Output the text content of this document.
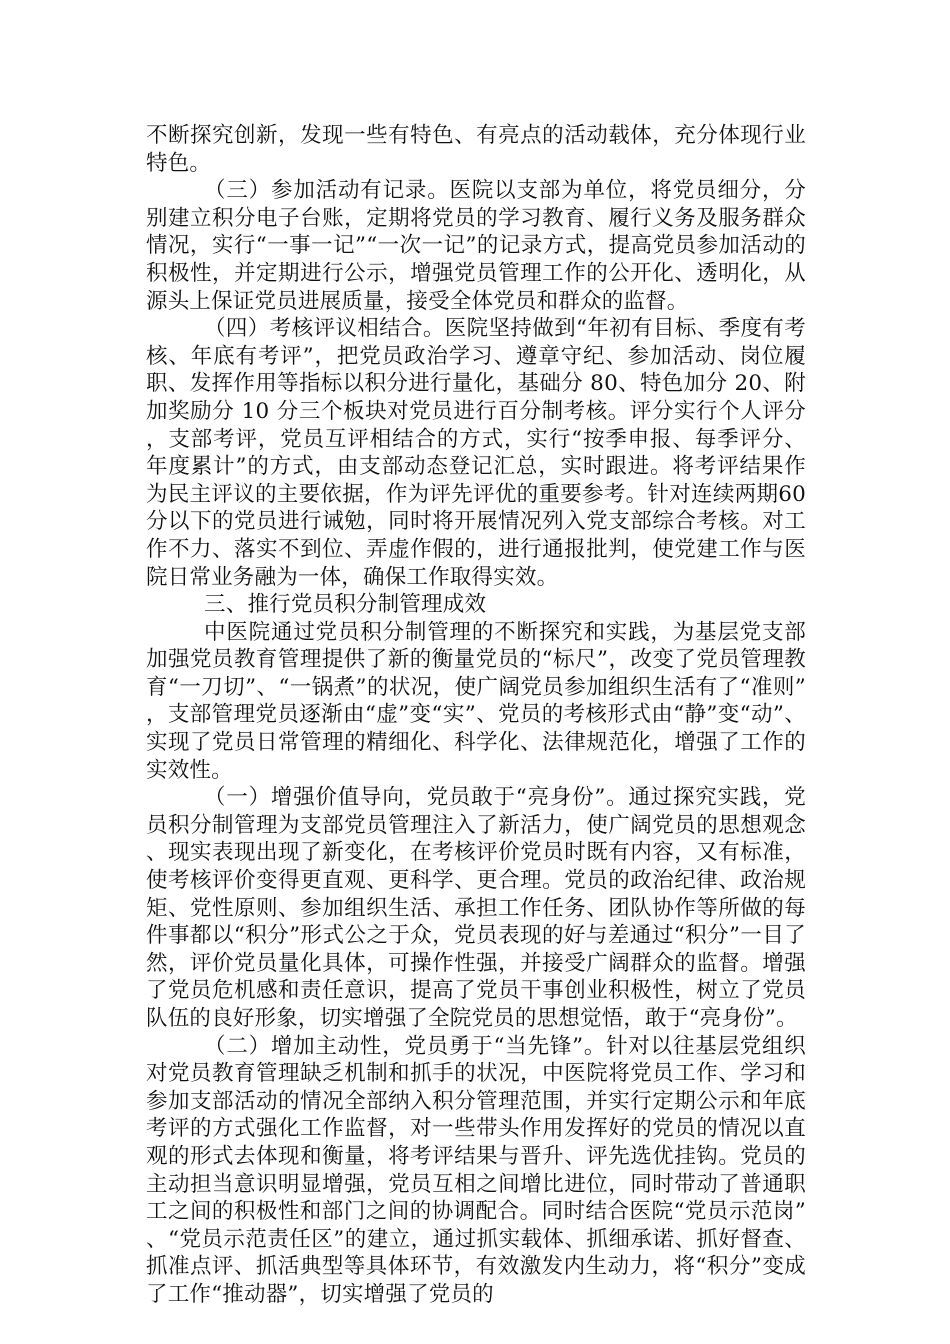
不断探究创新，发现一些有特色、有亮点的活动载体，充分体现行业特色。

（三）参加活动有记录。医院以支部为单位，将党员细分，分别建立积分电子台账，定期将党员的学习教育、履行义务及服务群众情况，实行“一事一记”“一次一记”的记录方式，提高党员参加活动的积极性，并定期进行公示，增强党员管理工作的公开化、透明化，从源头上保证党员进展质量，接受全体党员和群众的监督。

（四）考核评议相结合。医院坚持做到“年初有目标、季度有考核、年底有考评”，把党员政治学习、遵章守纪、参加活动、岗位履职、发挥作用等指标以积分进行量化，基础分 80、特色加分 20、附加奖励分 10 分三个板块对党员进行百分制考核。评分实行个人评分，支部考评，党员互评相结合的方式，实行“按季申报、每季评分、年度累计”的方式，由支部动态登记汇总，实时跟进。将考评结果作为民主评议的主要依据，作为评先评优的重要参考。针对连续两期60分以下的党员进行诫勉，同时将开展情况列入党支部综合考核。对工作不力、落实不到位、弄虚作假的，进行通报批判，使党建工作与医院日常业务融为一体，确保工作取得实效。

三、推行党员积分制管理成效

中医院通过党员积分制管理的不断探究和实践，为基层党支部加强党员教育管理提供了新的衡量党员的“标尺”，改变了党员管理教育“一刀切”、“一锅煮”的状况，使广阔党员参加组织生活有了“准则”，支部管理党员逐渐由“虚”变“实”、党员的考核形式由“静”变“动”、实现了党员日常管理的精细化、科学化、法律规范化，增强了工作的实效性。

（一）增强价值导向，党员敢于“亮身份”。通过探究实践，党员积分制管理为支部党员管理注入了新活力，使广阔党员的思想观念、现实表现出现了新变化，在考核评价党员时既有内容，又有标准，使考核评价变得更直观、更科学、更合理。党员的政治纪律、政治规矩、党性原则、参加组织生活、承担工作任务、团队协作等所做的每件事都以“积分”形式公之于众，党员表现的好与差通过“积分”一目了然，评价党员量化具体，可操作性强，并接受广阔群众的监督。增强了党员危机感和责任意识，提高了党员干事创业积极性，树立了党员队伍的良好形象，切实增强了全院党员的思想觉悟，敢于“亮身份”。

（二）增加主动性，党员勇于“当先锋”。针对以往基层党组织对党员教育管理缺乏机制和抓手的状况，中医院将党员工作、学习和参加支部活动的情况全部纳入积分管理范围，并实行定期公示和年底考评的方式强化工作监督，对一些带头作用发挥好的党员的情况以直观的形式去体现和衡量，将考评结果与晋升、评先选优挂钩。党员的主动担当意识明显增强，党员互相之间增比进位，同时带动了普通职工之间的积极性和部门之间的协调配合。同时结合医院“党员示范岗”、“党员示范责任区”的建立，通过抓实载体、抓细承诺、抓好督查、抓准点评、抓活典型等具体环节，有效激发内生动力，将“积分”变成了工作“推动器”，切实增强了党员的
